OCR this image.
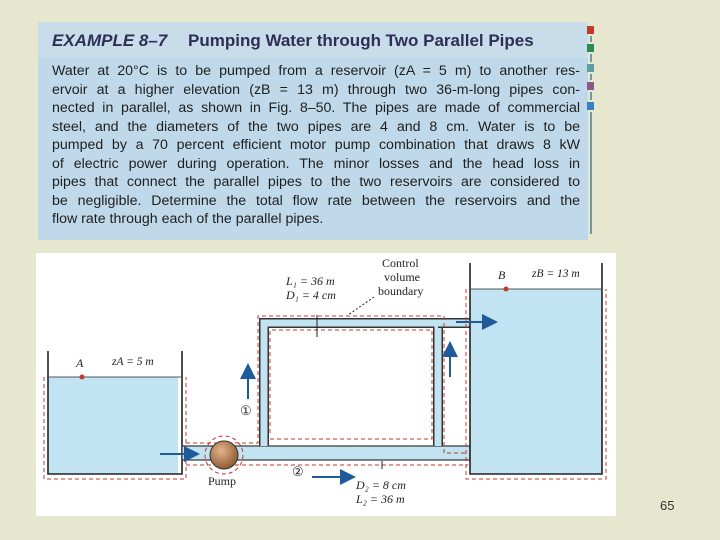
EXAMPLE 8–7 Pumping Water through Two Parallel Pipes
Water at 20°C is to be pumped from a reservoir (zA = 5 m) to another res-
ervoir at a higher elevation (zB = 13 m) through two 36-m-long pipes con-
nected in parallel, as shown in Fig. 8–50. The pipes are made of commercial
steel, and the diameters of the two pipes are 4 and 8 cm. Water is to be
pumped by a 70 percent efficient motor pump combination that draws 8 kW
of electric power during operation. The minor losses and the head loss in
pipes that connect the parallel pipes to the two reservoirs are considered to
be negligible. Determine the total flow rate between the reservoirs and the
flow rate through each of the parallel pipes.
A zA = 5 m
B zB = 13 m
Pump
①
②
L₁ = 36 m
D₁ = 4 cm
Control
volume
boundary
D₂ = 8 cm
L₂ = 36 m	65
